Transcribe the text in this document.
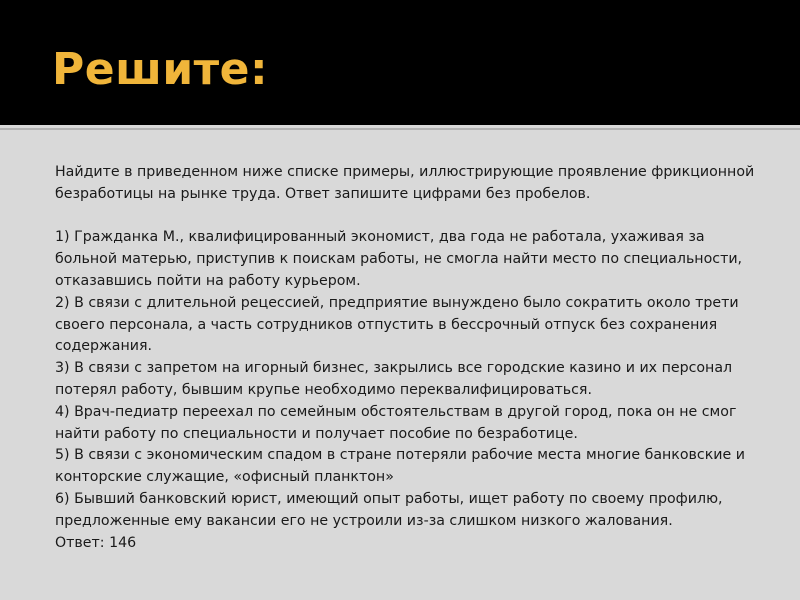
Решите:

Найдите в приведенном ниже списке примеры, иллюстрирующие проявление фрикционной безработицы на рынке труда. Ответ запишите цифрами без пробелов.

1) Гражданка М., квалифицированный экономист, два года не работала, ухаживая за больной матерью, приступив к поискам работы, не смогла найти место по специальности, отказавшись пойти на работу курьером.

2) В связи с длительной рецессией, предприятие вынуждено было сократить около трети своего персонала, а часть сотрудников отпустить в бессрочный отпуск без сохранения содержания.

3) В связи с запретом на игорный бизнес, закрылись все городские казино и их персонал потерял работу, бывшим крупье необходимо переквалифицироваться.

4) Врач-педиатр переехал по семейным обстоятельствам в другой город, пока он не смог найти работу по специальности и получает пособие по безработице.

5) В связи с экономическим спадом в стране потеряли рабочие места многие банковские и конторские служащие, «офисный планктон»

6) Бывший банковский юрист, имеющий опыт работы, ищет работу по своему профилю, предложенные ему вакансии его не устроили из-за слишком низкого жалования.

Ответ: 146
